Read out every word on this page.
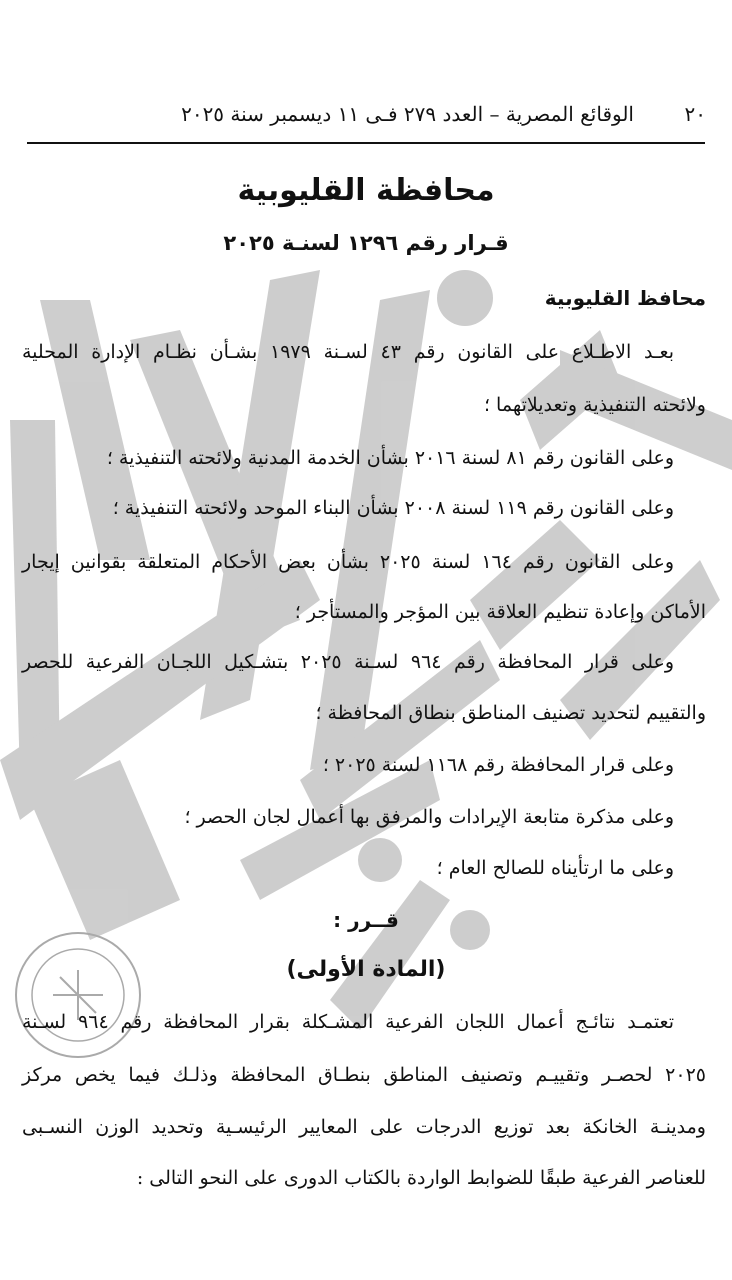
٢٠
الوقائع المصرية – العدد ٢٧٩ فـى ١١ ديسمبر سنة ٢٠٢٥
محافظة القليوبية
قـرار رقم ١٢٩٦ لسنـة ٢٠٢٥
محافظ القليوبية
بعـد الاطـلاع على القانون رقم ٤٣ لسـنة ١٩٧٩ بشـأن نظـام الإدارة المحلية
ولائحته التنفيذية وتعديلاتهما ؛
وعلى القانون رقم ٨١ لسنة ٢٠١٦ بشأن الخدمة المدنية ولائحته التنفيذية ؛
وعلى القانون رقم ١١٩ لسنة ٢٠٠٨ بشأن البناء الموحد ولائحته التنفيذية ؛
وعلى القانون رقم ١٦٤ لسنة ٢٠٢٥ بشأن بعض الأحكام المتعلقة بقوانين إيجار
الأماكن وإعادة تنظيم العلاقة بين المؤجر والمستأجر ؛
وعلى قرار المحافظة رقم ٩٦٤ لسـنة ٢٠٢٥ بتشـكيل اللجـان الفرعية للحصر
والتقييم لتحديد تصنيف المناطق بنطاق المحافظة ؛
وعلى قرار المحافظة رقم ١١٦٨ لسنة ٢٠٢٥ ؛
وعلى مذكرة متابعة الإيرادات والمرفق بها أعمال لجان الحصر ؛
وعلى ما ارتأيناه للصالح العام ؛
قــرر :
(المادة الأولى)
تعتمـد نتائـج أعمال اللجان الفرعية المشـكلة بقرار المحافظة رقم ٩٦٤ لسـنة
٢٠٢٥ لحصـر وتقييـم وتصنيف المناطق بنطـاق المحافظة وذلـك فيما يخص مركز
ومدينـة الخانكة بعد توزيع الدرجات على المعايير الرئيسـية وتحديد الوزن النسـبى
للعناصر الفرعية طبقًا للضوابط الواردة بالكتاب الدورى على النحو التالى :
